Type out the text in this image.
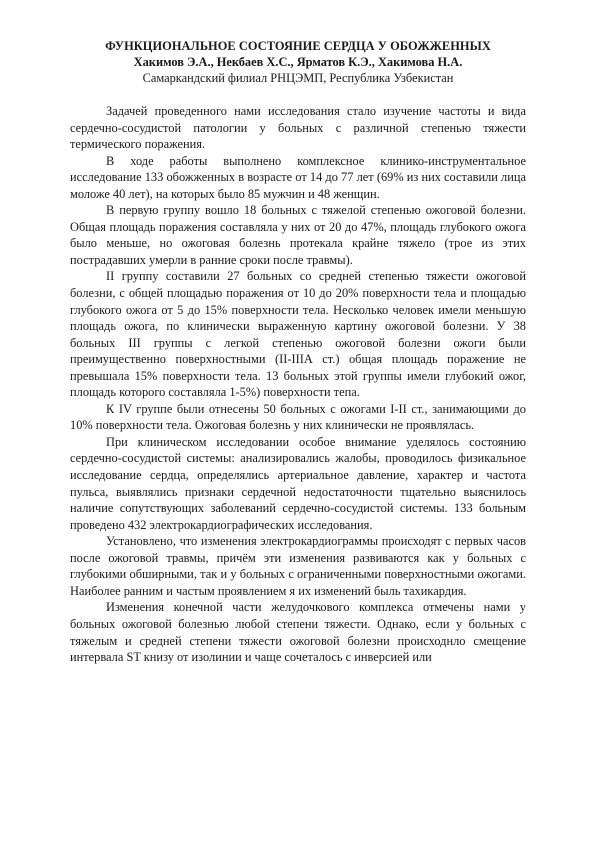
ФУНКЦИОНАЛЬНОЕ СОСТОЯНИЕ СЕРДЦА У ОБОЖЖЕННЫХ

Хакимов Э.А., Некбаев Х.С., Ярматов К.Э., Хакимова Н.А.

Самаркандский филиал РНЦЭМП, Республика Узбекистан

Задачей проведенного нами исследования стало изучение частоты и вида сердечно-сосудистой патологии у больных с различной степенью тяжести термического поражения.

В ходе работы выполнено комплексное клинико-инструментальное исследование 133 обожженных в возрасте от 14 до 77 лет (69% из них составили лица моложе 40 лет), на которых было 85 мужчин и 48 женщин.

В первую группу вошло 18 больных с тяжелой степенью ожоговой болезни. Общая площадь поражения составляла у них от 20 до 47%, площадь глубокого ожога было меньше, но ожоговая болезнь протекала крайне тяжело (трое из этих пострадавших умерли в ранние сроки после травмы).

II группу составили 27 больных со средней степенью тяжести ожоговой болезни, с общей площадью поражения от 10 до 20% поверхности тела и площадью глубокого ожога от 5 до 15% поверхности тела. Несколько человек имели меньшую площадь ожога, по клинически выраженную картину ожоговой болезни. У 38 больных III группы с легкой степенью ожоговой болезни ожоги были преимущественно поверхностными (II-IIIА ст.) общая площадь поражение не превышала 15% поверхности тела. 13 больных этой группы имели глубокий ожог, площадь которого составляла 1-5%) поверхности тепа.

К IV группе были отнесены 50 больных с ожогами I-II ст., занимающими до 10% поверхности тела. Ожоговая болезнь у них клинически не проявлялась.

При клиническом исследовании особое внимание уделялось состоянию сердечно-сосудистой системы: анализировались жалобы, проводилось физикальное исследование сердца, определялись артериальное давление, характер и частота пульса, выявлялись признаки сердечной недостаточности тщательно выяснилось наличие сопутствующих заболеваний сердечно-сосудистой системы. 133 больным проведено 432 электрокардиографических исследования.

Установлено, что изменения электрокардиограммы происходят с первых часов после ожоговой травмы, причём эти изменения развиваются как у больных с глубокими обширными, так и у больных с ограниченными поверхностными ожогами. Наиболее ранним и частым проявлением я их изменений быль тахикардия.

Изменения конечной части желудочкового комплекса отмечены нами у больных ожоговой болезнью любой степени тяжести. Однако, если у больных с тяжелым и средней степени тяжести ожоговой болезни происходнло смещение интервала ST книзу от изолинии и чаще сочеталось с инверсией или
